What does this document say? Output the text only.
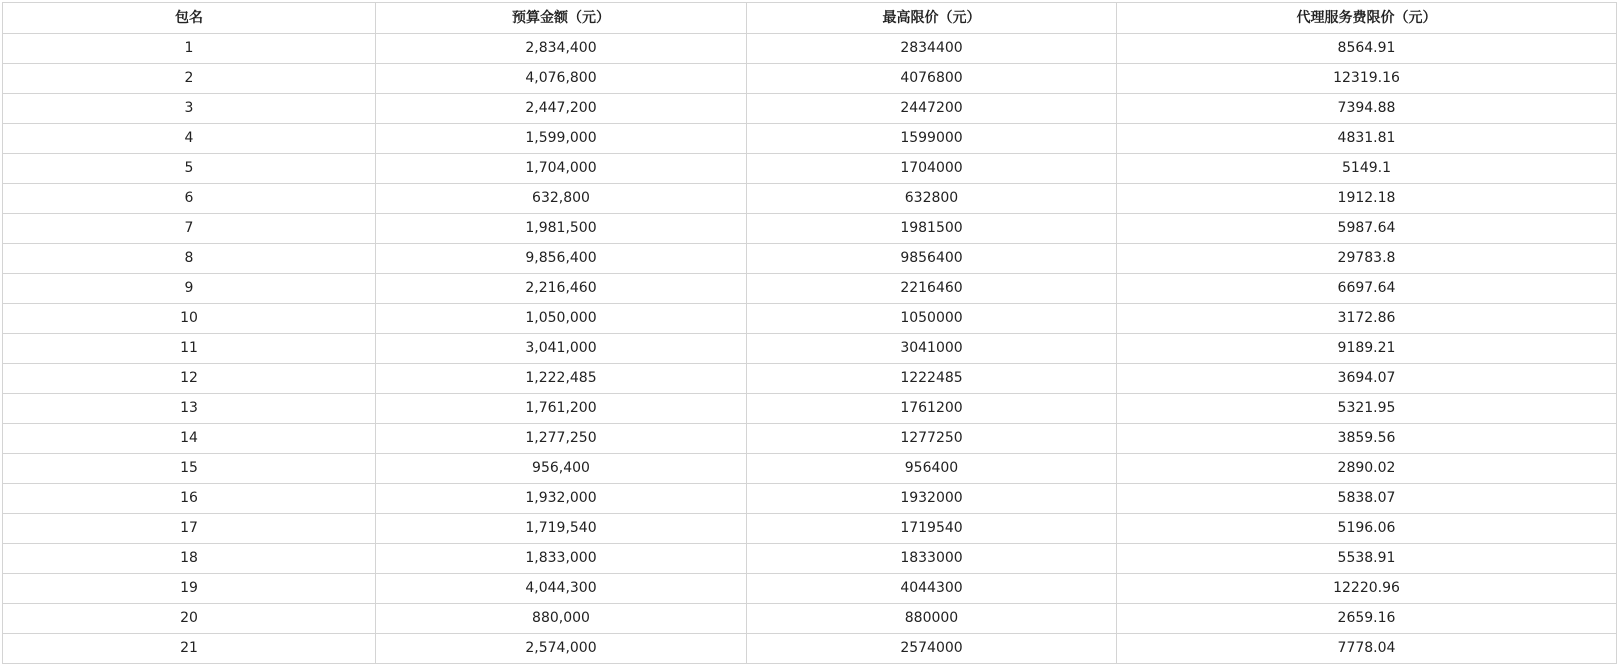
包名	预算金额（元）	最高限价（元）	代理服务费限价（元）
1	2,834,400	2834400	8564.91
2	4,076,800	4076800	12319.16
3	2,447,200	2447200	7394.88
4	1,599,000	1599000	4831.81
5	1,704,000	1704000	5149.1
6	632,800	632800	1912.18
7	1,981,500	1981500	5987.64
8	9,856,400	9856400	29783.8
9	2,216,460	2216460	6697.64
10	1,050,000	1050000	3172.86
11	3,041,000	3041000	9189.21
12	1,222,485	1222485	3694.07
13	1,761,200	1761200	5321.95
14	1,277,250	1277250	3859.56
15	956,400	956400	2890.02
16	1,932,000	1932000	5838.07
17	1,719,540	1719540	5196.06
18	1,833,000	1833000	5538.91
19	4,044,300	4044300	12220.96
20	880,000	880000	2659.16
21	2,574,000	2574000	7778.04
